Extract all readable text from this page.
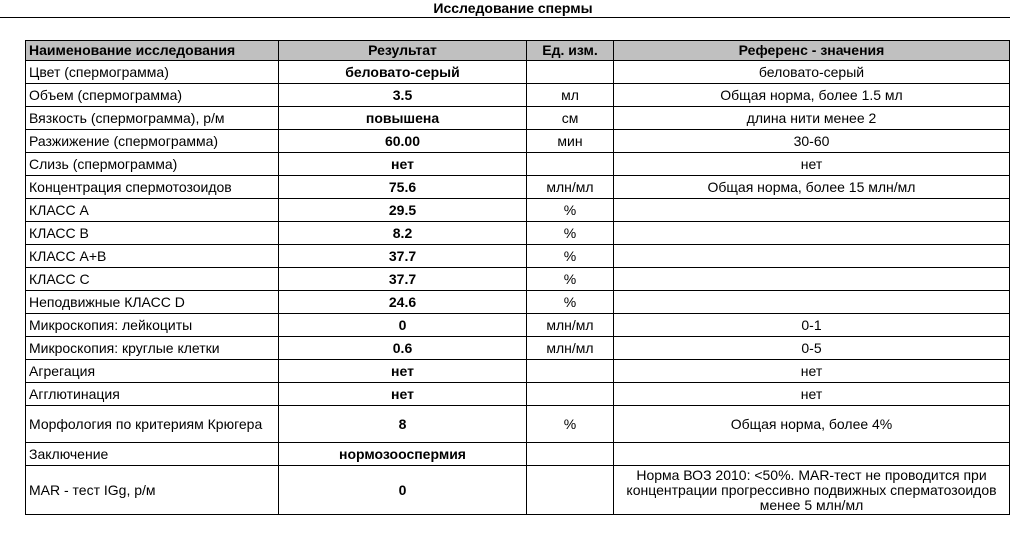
Исследование спермы
Наименование исследования	Результат	Ед. изм.	Референс - значения
Цвет (спермограмма)	беловато-серый		беловато-серый
Объем (спермограмма)	3.5	мл	Общая норма, более 1.5 мл
Вязкость (спермограмма), р/м	повышена	см	длина нити менее 2
Разжижение (спермограмма)	60.00	мин	30-60
Слизь (спермограмма)	нет		нет
Концентрация спермотозоидов	75.6	млн/мл	Общая норма, более 15 млн/мл
КЛАСС А	29.5	%	
КЛАСС В	8.2	%	
КЛАСС А+В	37.7	%	
КЛАСС С	37.7	%	
Неподвижные КЛАСС D	24.6	%	
Микроскопия: лейкоциты	0	млн/мл	0-1
Микроскопия: круглые клетки	0.6	млн/мл	0-5
Агрегация	нет		нет
Агглютинация	нет		нет
Морфология по критериям Крюгера	8	%	Общая норма, более 4%
Заключение	нормозооспермия		
MAR - тест IGg, р/м	0		Норма ВОЗ 2010: <50%. MAR-тест не проводится при концентрации прогрессивно подвижных сперматозоидов менее 5 млн/мл
